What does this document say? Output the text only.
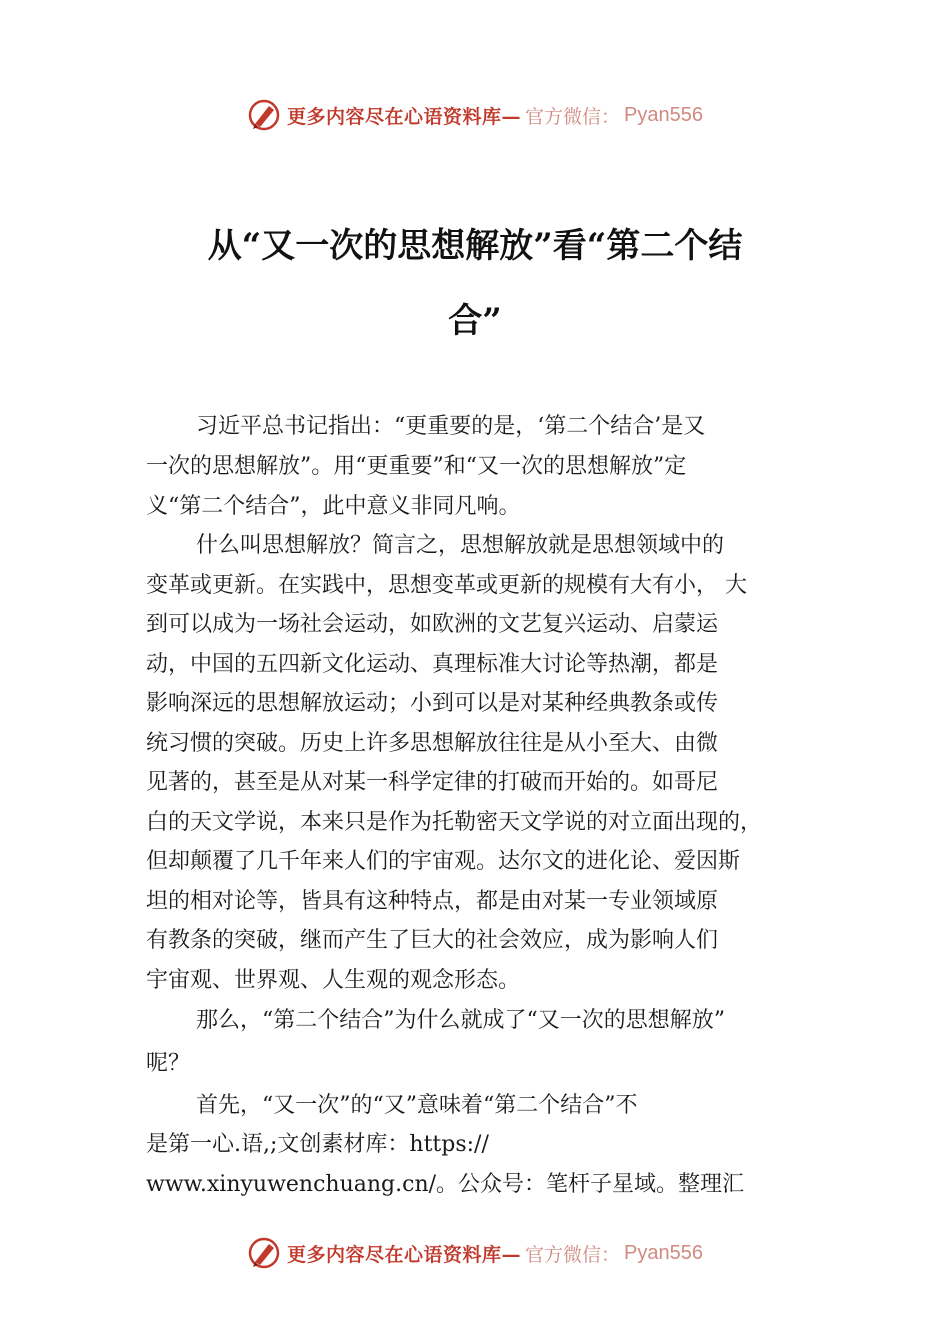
更多内容尽在心语资料库— 官方微信： Pyan556
从“又一次的思想解放”看“第二个结
合”
习近平总书记指出：“更重要的是，‘第二个结合’是又
一次的思想解放”。用“更重要”和“又一次的思想解放”定
义“第二个结合”，此中意义非同凡响。
什么叫思想解放？简言之，思想解放就是思想领域中的
变革或更新。在实践中，思想变革或更新的规模有大有小， 大
到可以成为一场社会运动，如欧洲的文艺复兴运动、启蒙运
动，中国的五四新文化运动、真理标准大讨论等热潮，都是
影响深远的思想解放运动；小到可以是对某种经典教条或传
统习惯的突破。历史上许多思想解放往往是从小至大、由微
见著的，甚至是从对某一科学定律的打破而开始的。如哥尼
白的天文学说，本来只是作为托勒密天文学说的对立面出现的，
但却颠覆了几千年来人们的宇宙观。达尔文的进化论、爱因斯
坦的相对论等，皆具有这种特点，都是由对某一专业领域原
有教条的突破，继而产生了巨大的社会效应，成为影响人们
宇宙观、世界观、人生观的观念形态。
那么，“第二个结合”为什么就成了“又一次的思想解放”
呢？
首先，“又一次”的“又”意味着“第二个结合”不
是第一心.语,;文创素材库：https://
www.xinyuwenchuang.cn/。公众号：笔杆子星域。整理汇
更多内容尽在心语资料库— 官方微信： Pyan556
